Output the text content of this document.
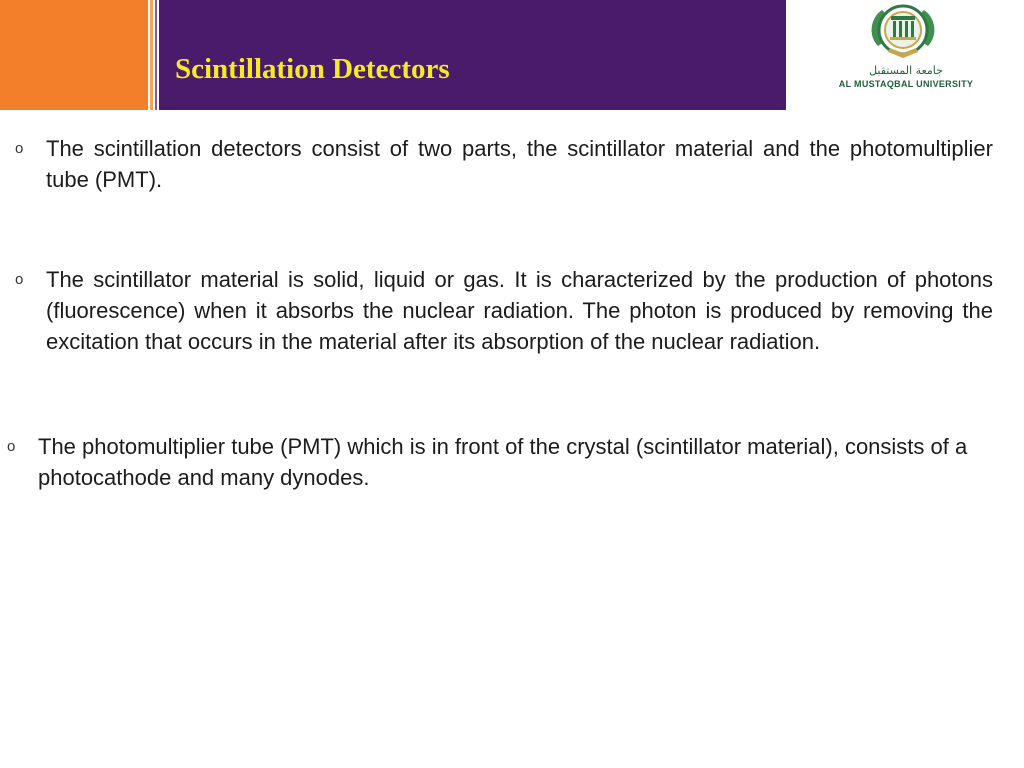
Scintillation Detectors	جامعة المستقبل
AL MUSTAQBAL UNIVERSITY
o The scintillation detectors consist of two parts, the scintillator material and the photomultiplier tube (PMT).
o The scintillator material is solid, liquid or gas. It is characterized by the production of photons (fluorescence) when it absorbs the nuclear radiation. The photon is produced by removing the excitation that occurs in the material after its absorption of the nuclear radiation.
o The photomultiplier tube (PMT) which is in front of the crystal (scintillator material), consists of a photocathode and many dynodes.
